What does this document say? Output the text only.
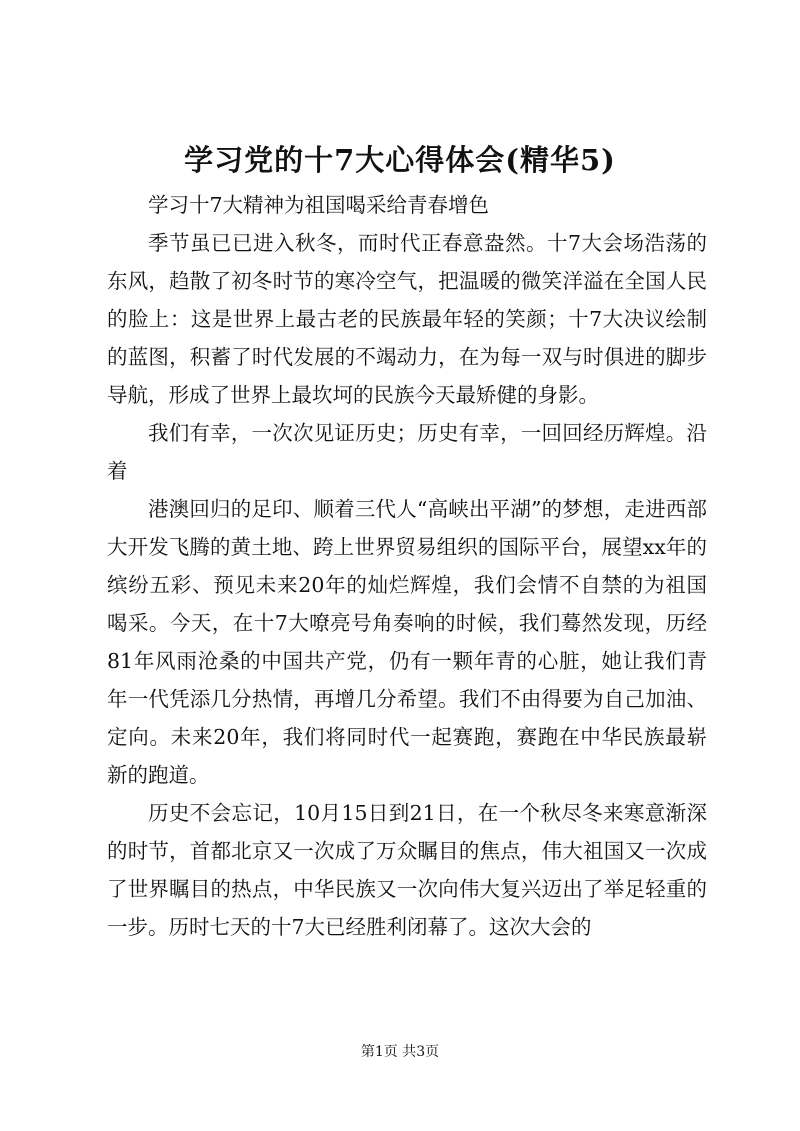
学习党的十7大心得体会(精华5)

学习十7大精神为祖国喝采给青春增色

季节虽已已进入秋冬，而时代正春意盎然。十7大会场浩荡的东风，趋散了初冬时节的寒冷空气，把温暖的微笑洋溢在全国人民的脸上：这是世界上最古老的民族最年轻的笑颜；十7大决议绘制的蓝图，积蓄了时代发展的不竭动力，在为每一双与时俱进的脚步导航，形成了世界上最坎坷的民族今天最矫健的身影。

我们有幸，一次次见证历史；历史有幸，一回回经历辉煌。沿着

港澳回归的足印、顺着三代人“高峡出平湖”的梦想，走进西部大开发飞腾的黄土地、跨上世界贸易组织的国际平台，展望xx年的缤纷五彩、预见未来20年的灿烂辉煌，我们会情不自禁的为祖国喝采。今天，在十7大嘹亮号角奏响的时候，我们蓦然发现，历经81年风雨沧桑的中国共产党，仍有一颗年青的心脏，她让我们青年一代凭添几分热情，再增几分希望。我们不由得要为自己加油、定向。未来20年，我们将同时代一起赛跑，赛跑在中华民族最崭新的跑道。

历史不会忘记，10月15日到21日，在一个秋尽冬来寒意渐深的时节，首都北京又一次成了万众瞩目的焦点，伟大祖国又一次成了世界瞩目的热点，中华民族又一次向伟大复兴迈出了举足轻重的一步。历时七天的十7大已经胜利闭幕了。这次大会的

第1页 共3页
